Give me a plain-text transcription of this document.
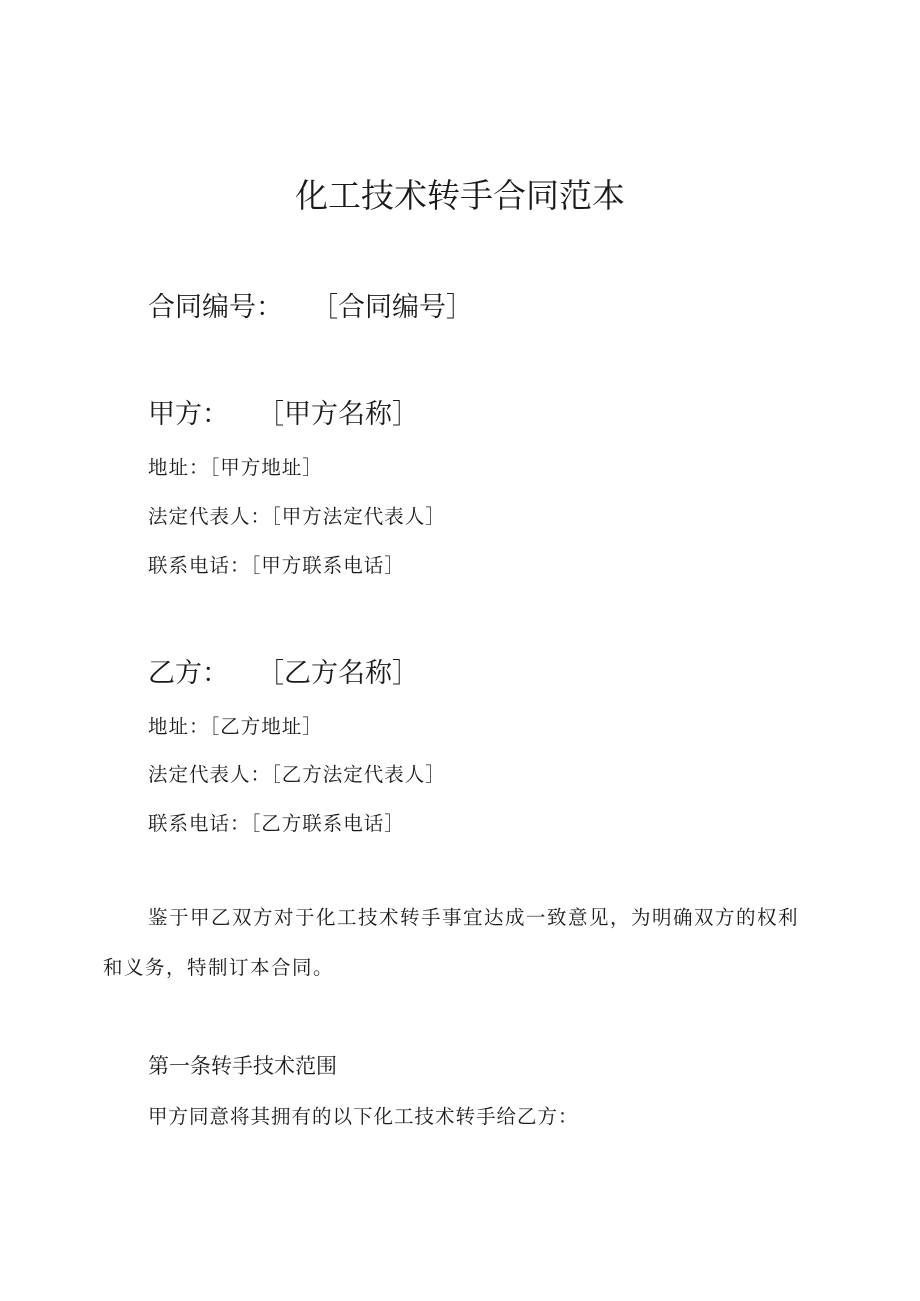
化工技术转手合同范本
合同编号： ［合同编号］
甲方： ［甲方名称］
地址：［甲方地址］
法定代表人：［甲方法定代表人］
联系电话：［甲方联系电话］
乙方： ［乙方名称］
地址：［乙方地址］
法定代表人：［乙方法定代表人］
联系电话：［乙方联系电话］
鉴于甲乙双方对于化工技术转手事宜达成一致意见，为明确双方的权利和义务，特制订本合同。
第一条转手技术范围
甲方同意将其拥有的以下化工技术转手给乙方：
